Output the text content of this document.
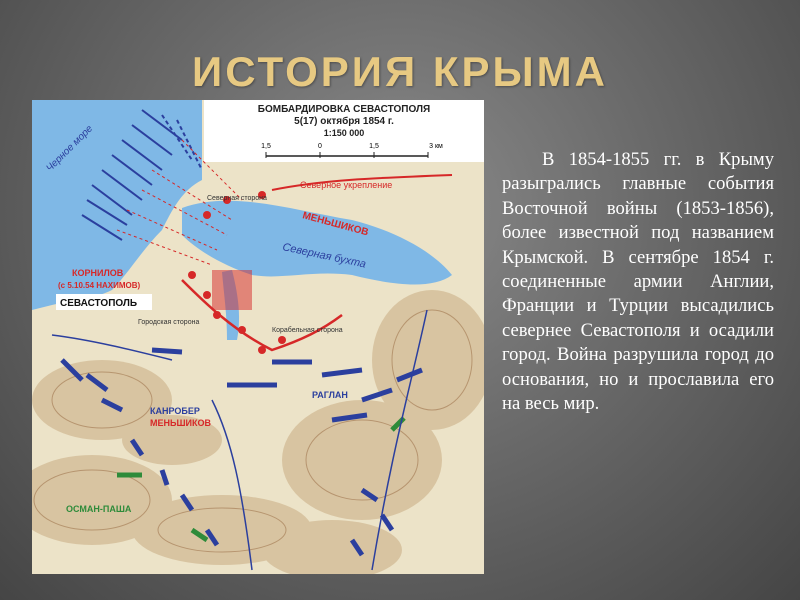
ИСТОРИЯ КРЫМА
БОМБАРДИРОВКА СЕВАСТОПОЛЯ
5(17) октября 1854 г.
1:150 000
1,5	0	1,5	3 км
Черное море
Северное укрепление
МЕНЬШИКОВ
Северная сторона
Северная бухта
КОРНИЛОВ
(с 5.10.54 НАХИМОВ)
СЕВАСТОПОЛЬ
Городская сторона
Корабельная сторона
КАНРОБЕР
МЕНЬШИКОВ
РАГЛАН
ОСМАН-ПАША
В 1854-1855 гг. в Крыму разыгрались главные события Восточной войны (1853-1856), более известной под названием Крымской. В сентябре 1854 г. соединенные армии Англии, Франции и Турции высадились севернее Севастополя и осадили город. Война разрушила город до основания, но и прославила его на весь мир.
